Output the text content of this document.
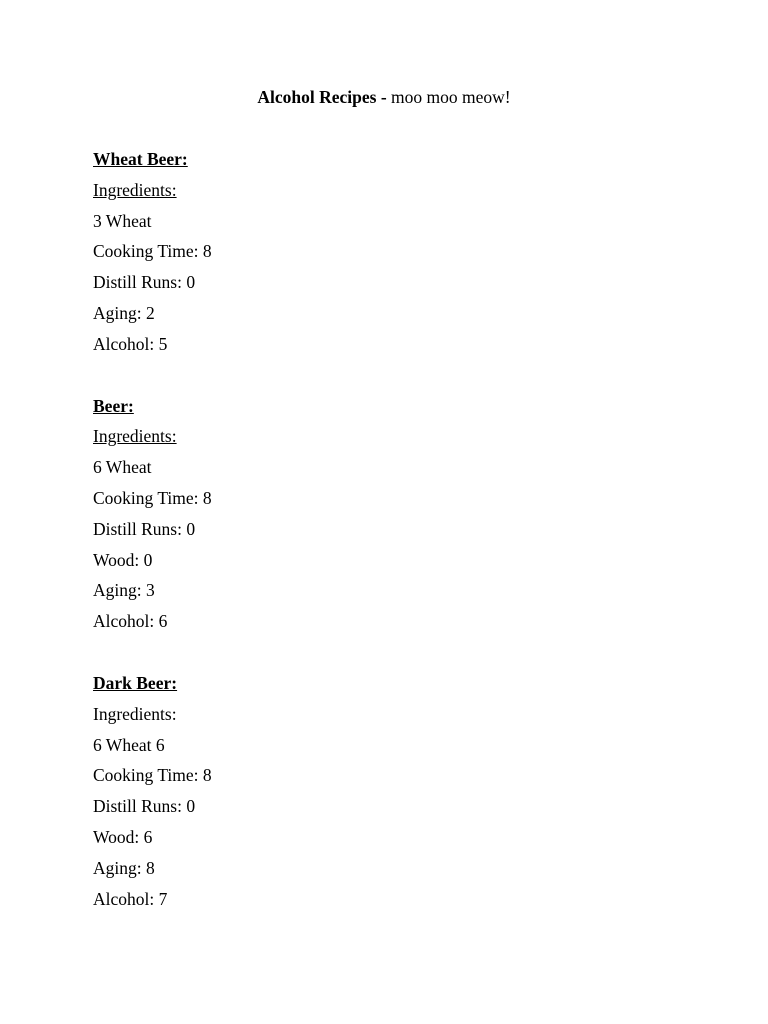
Alcohol Recipes - moo moo meow!
Wheat Beer:
Ingredients:
3 Wheat
Cooking Time: 8
Distill Runs: 0
Aging: 2
Alcohol: 5
Beer:
Ingredients:
6 Wheat
Cooking Time: 8
Distill Runs: 0
Wood: 0
Aging: 3
Alcohol: 6
Dark Beer:
Ingredients:
6 Wheat 6
Cooking Time: 8
Distill Runs: 0
Wood: 6
Aging: 8
Alcohol: 7
